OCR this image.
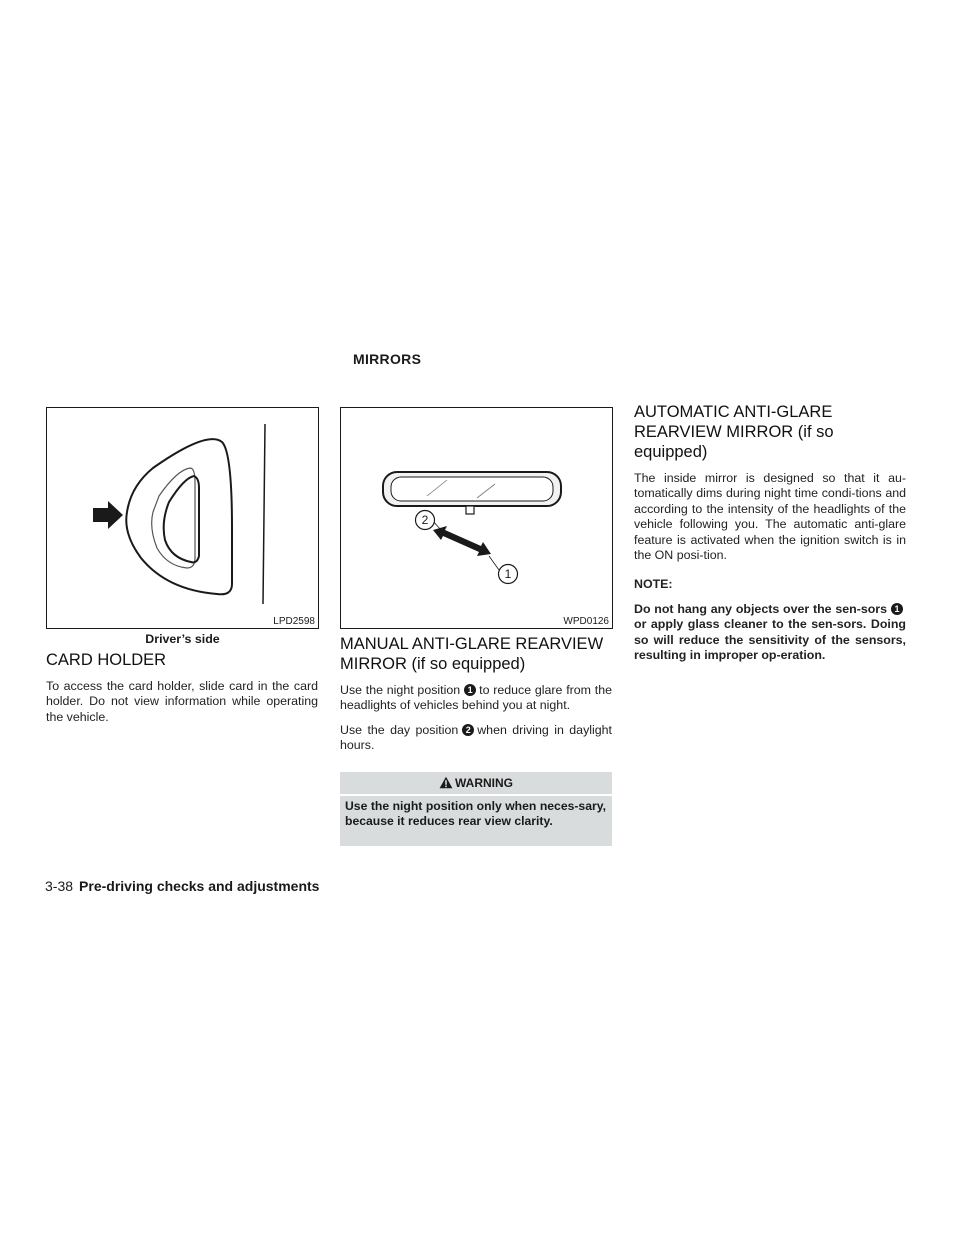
MIRRORS
LPD2598
Driver’s side
2
1
WPD0126
CARD HOLDER

To access the card holder, slide card in the card holder. Do not view information while operating the vehicle.

MANUAL ANTI-GLARE REARVIEW
MIRROR (if so equipped)

Use the night position 1 to reduce glare from the headlights of vehicles behind you at night.

Use the day position 2 when driving in daylight hours.

WARNING
Use the night position only when neces-sary, because it reduces rear view clarity.
AUTOMATIC ANTI-GLARE
REARVIEW MIRROR (if so equipped)

The inside mirror is designed so that it au-tomatically dims during night time condi-tions and according to the intensity of the headlights of the vehicle following you. The automatic anti-glare feature is activated when the ignition switch is in the ON posi-tion.

NOTE:

Do not hang any objects over the sen-sors 1or apply glass cleaner to the sen-sors. Doing so will reduce the sensitivity of the sensors, resulting in improper op-eration.

3-38 Pre-driving checks and adjustments
